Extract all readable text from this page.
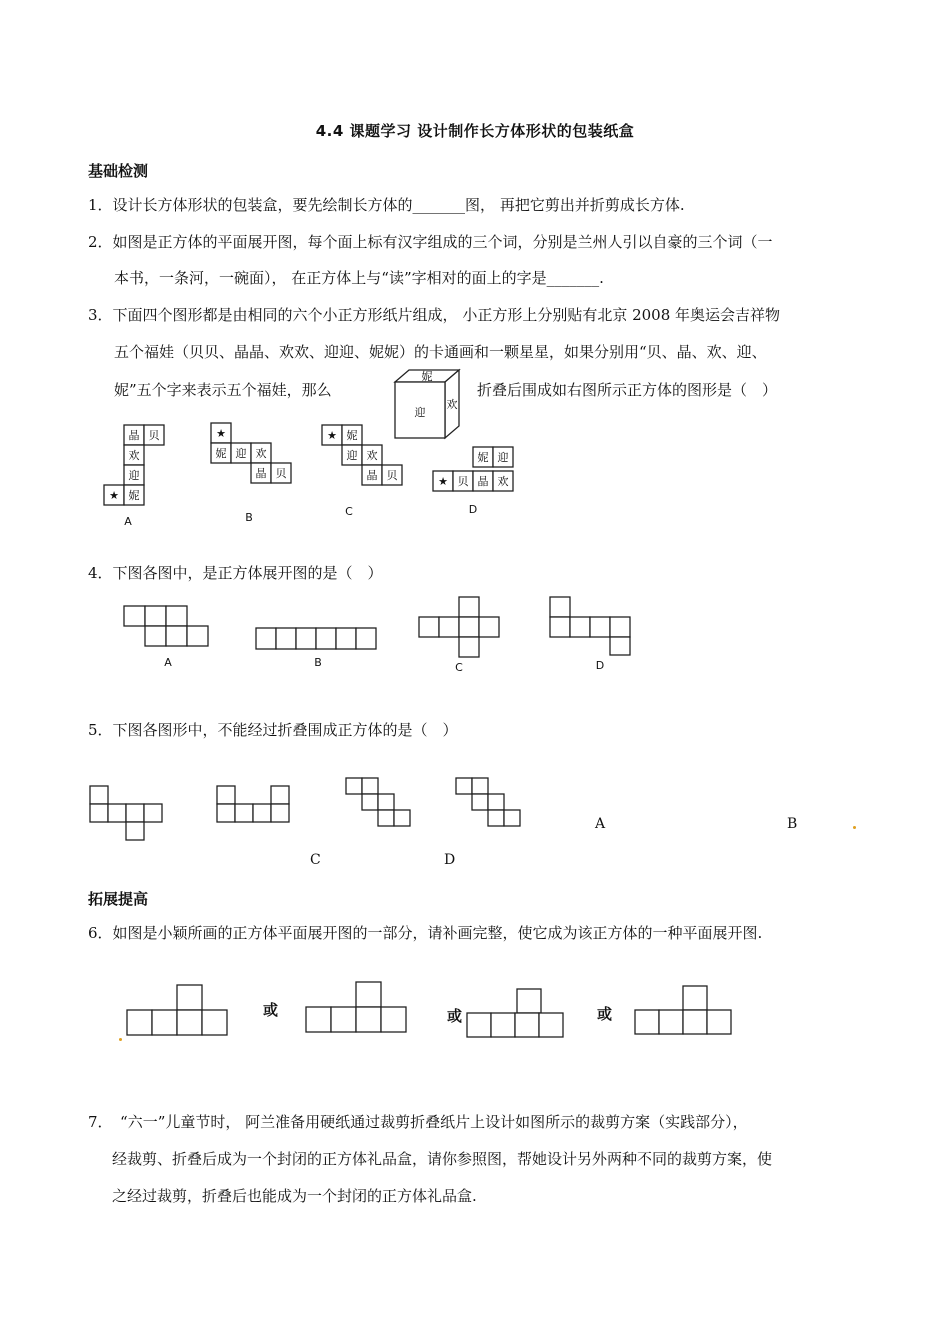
4.4 课题学习 设计制作长方体形状的包装纸盒
基础检测
1．设计长方体形状的包装盒，要先绘制长方体的_______图， 再把它剪出并折剪成长方体.
2．如图是正方体的平面展开图，每个面上标有汉字组成的三个词，分别是兰州人引以自豪的三个词（一
本书，一条河，一碗面）， 在正方体上与“读”字相对的面上的字是_______.
3．下面四个图形都是由相同的六个小正方形纸片组成， 小正方形上分别贴有北京 2008 年奥运会吉祥物
五个福娃（贝贝、晶晶、欢欢、迎迎、妮妮）的卡通画和一颗星星，如果分别用“贝、晶、欢、迎、
妮”五个字来表示五个福娃，那么	折叠后围成如右图所示正方体的图形是（　）
妮
迎
欢
晶 贝
欢
迎
★ 妮
A
★
妮 迎 欢
晶 贝
B
★ 妮
迎 欢
晶 贝
C
妮 迎
★ 贝 晶 欢
D
4．下图各图中，是正方体展开图的是（　）
A	B	C	D
5．下图各图形中，不能经过折叠围成正方体的是（　）
A	B
C	D
拓展提高
6．如图是小颖所画的正方体平面展开图的一部分，请补画完整，使它成为该正方体的一种平面展开图.
或	或	或
7．　“六一”儿童节时， 阿兰准备用硬纸通过裁剪折叠纸片上设计如图所示的裁剪方案（实践部分），
经裁剪、折叠后成为一个封闭的正方体礼品盒，请你参照图，帮她设计另外两种不同的裁剪方案，使
之经过裁剪，折叠后也能成为一个封闭的正方体礼品盒.
